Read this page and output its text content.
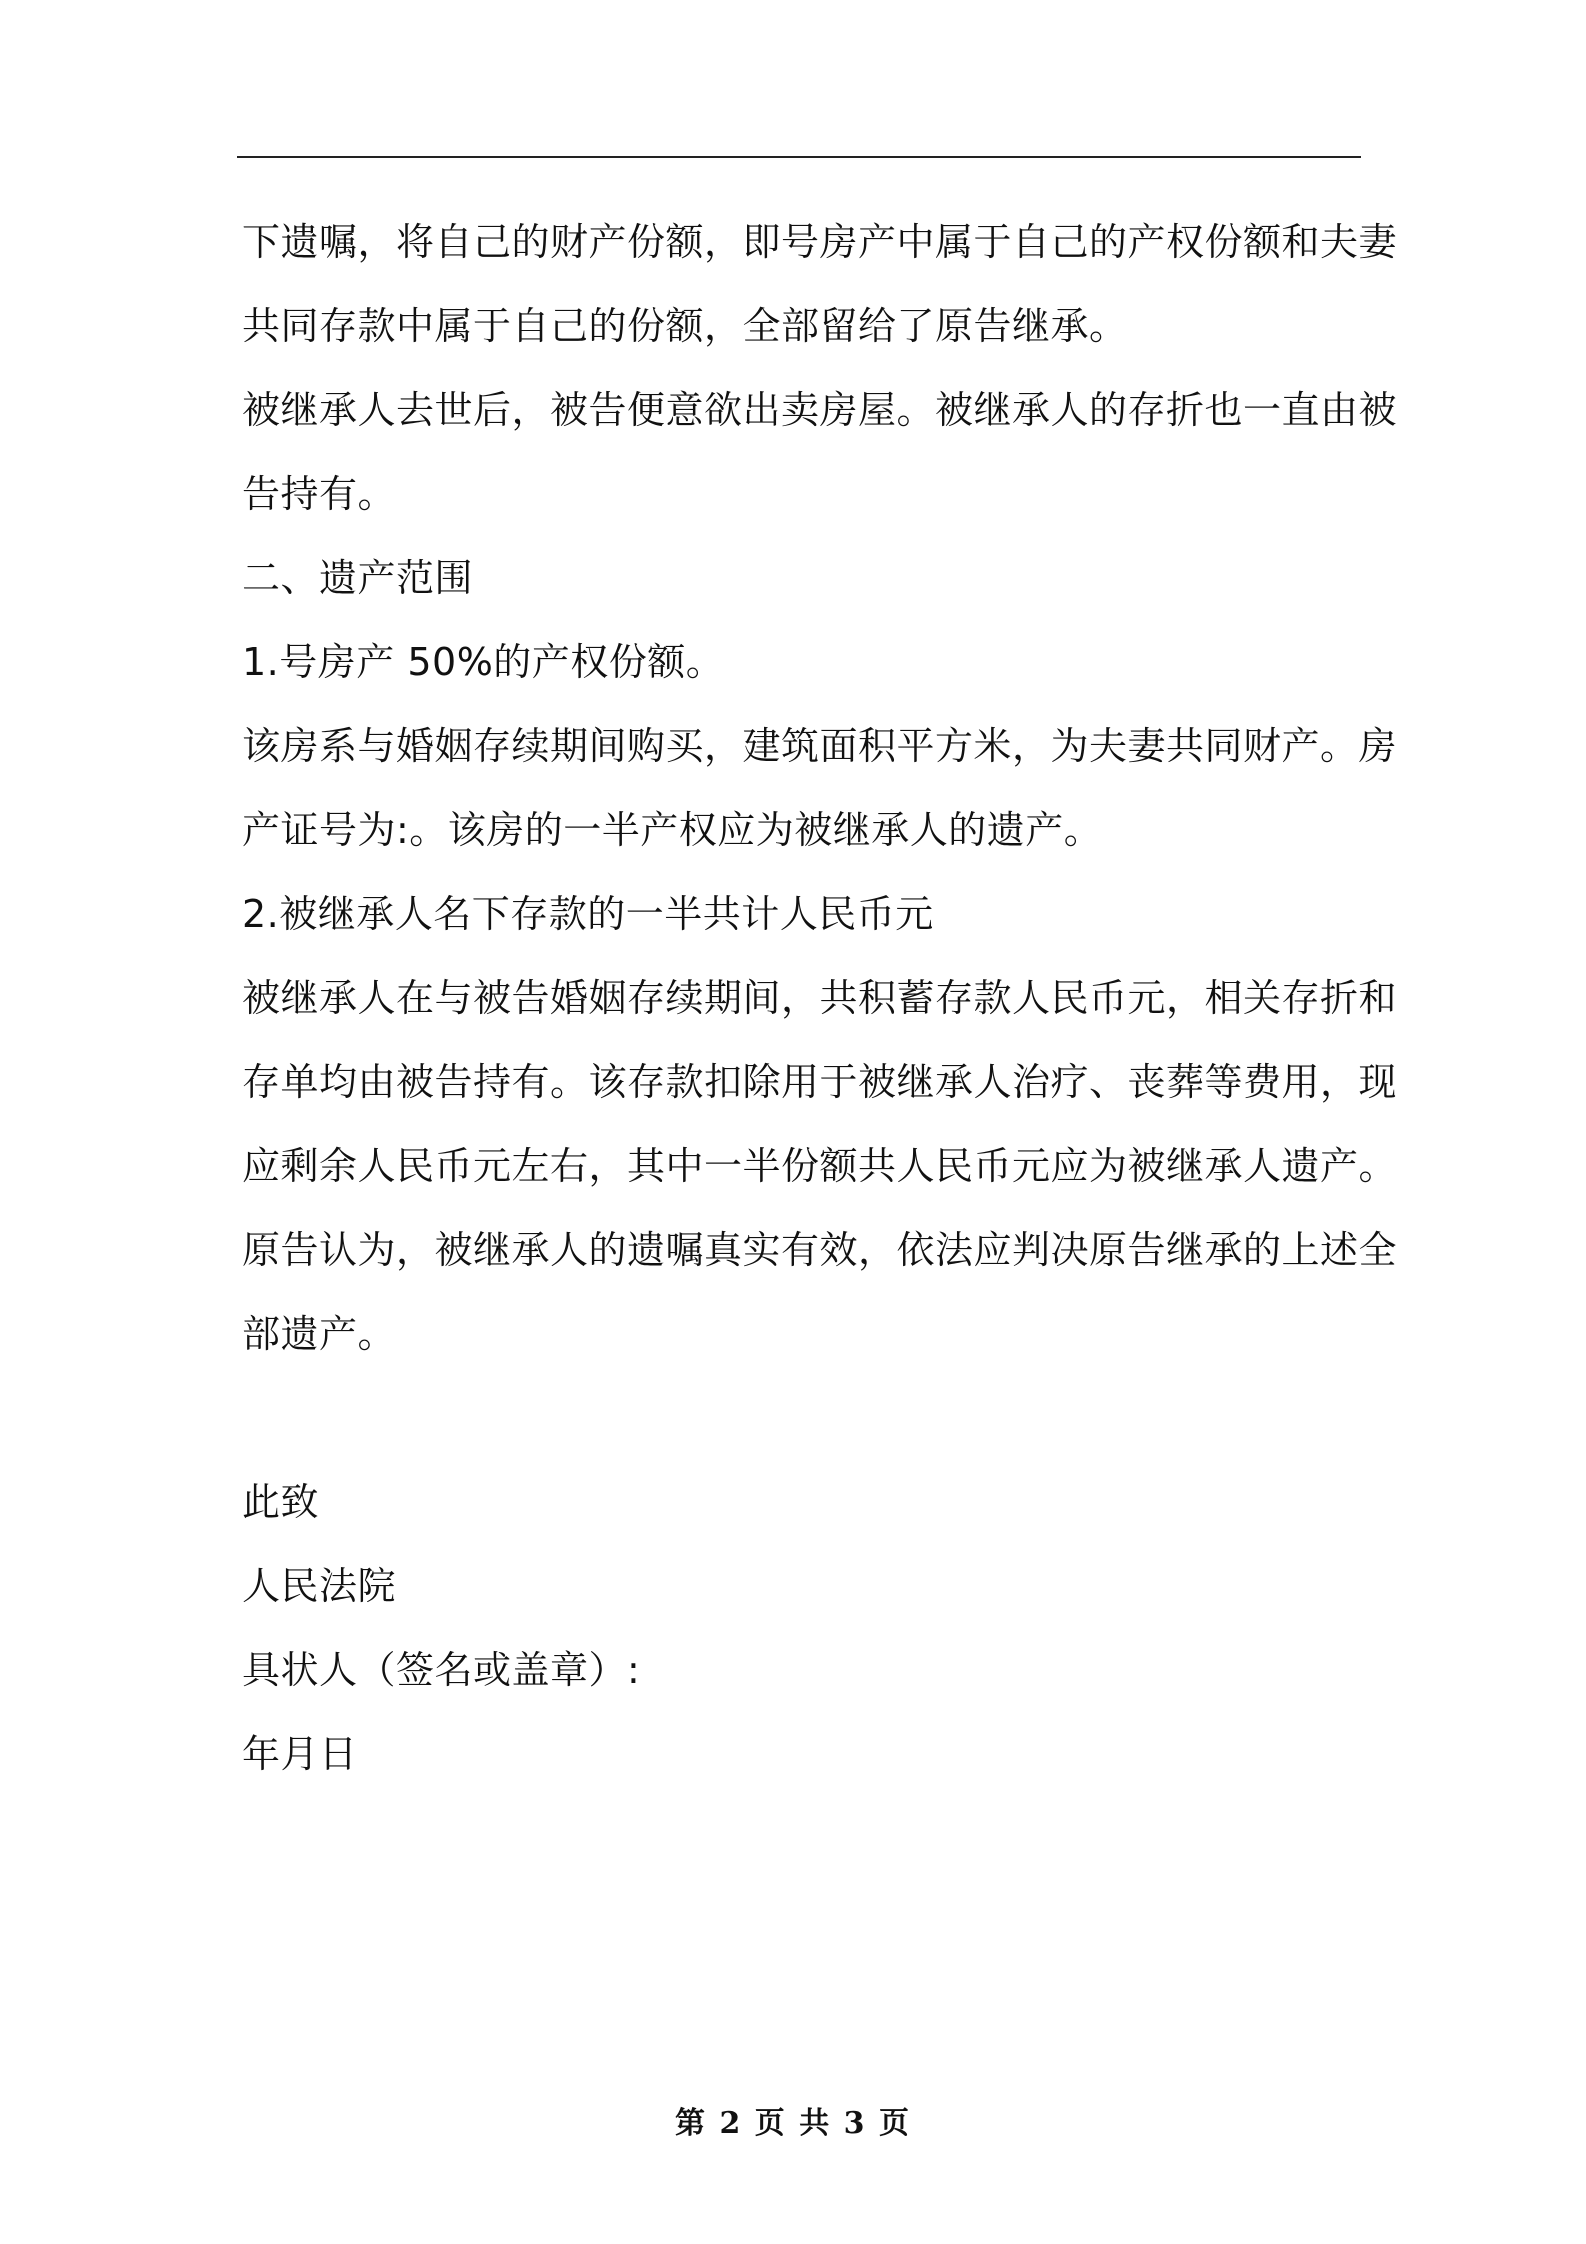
下遗嘱，将自己的财产份额，即号房产中属于自己的产权份额和夫妻
共同存款中属于自己的份额，全部留给了原告继承。
被继承人去世后，被告便意欲出卖房屋。被继承人的存折也一直由被
告持有。
二、遗产范围
1.号房产 50%的产权份额。
该房系与婚姻存续期间购买，建筑面积平方米，为夫妻共同财产。房
产证号为:。该房的一半产权应为被继承人的遗产。
2.被继承人名下存款的一半共计人民币元
被继承人在与被告婚姻存续期间，共积蓄存款人民币元，相关存折和
存单均由被告持有。该存款扣除用于被继承人治疗、丧葬等费用，现
应剩余人民币元左右，其中一半份额共人民币元应为被继承人遗产。
原告认为，被继承人的遗嘱真实有效，依法应判决原告继承的上述全
部遗产。
此致
人民法院
具状人（签名或盖章）:
年月日
第 2 页 共 3 页
